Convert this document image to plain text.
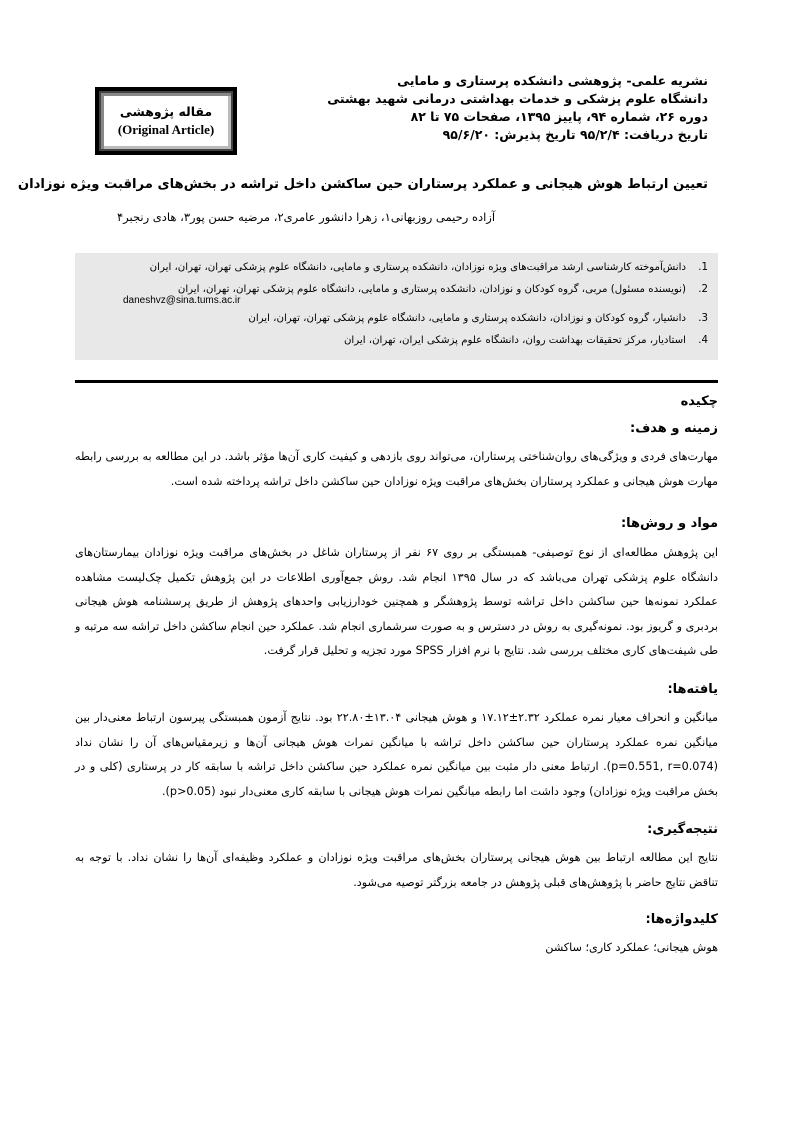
نشریه علمی- پژوهشی دانشکده پرستاری و مامایی
دانشگاه علوم پزشکی و خدمات بهداشتی درمانی شهید بهشتی
دوره ۲۶، شماره ۹۴، پاییز ۱۳۹۵، صفحات ۷۵ تا ۸۲
تاریخ دریافت: ۹۵/۲/۴ تاریخ پذیرش: ۹۵/۶/۲۰
مقاله پژوهشی
(Original Article)
تعیین ارتباط هوش هیجانی و عملکرد پرستاران حین ساکشن داخل تراشه در بخش‌های مراقبت ویژه نوزادان
آزاده رحیمی روزبهانی۱، زهرا دانشور عامری۲، مرضیه حسن پور۳، هادی رنجبر۴
1.
دانش‌آموخته کارشناسی ارشد مراقبت‌های ویژه نوزادان، دانشکده پرستاری و مامایی، دانشگاه علوم پزشکی تهران، تهران، ایران
2.
(نویسنده مسئول) مربی، گروه کودکان و نوزادان، دانشکده پرستاری و مامایی، دانشگاه علوم پزشکی تهران، تهران، ایران
daneshvz@sina.tums.ac.ir
3.
دانشیار، گروه کودکان و نوزادان، دانشکده پرستاری و مامایی، دانشگاه علوم پزشکی تهران، تهران، ایران
4.
استادیار، مرکز تحقیقات بهداشت روان، دانشگاه علوم پزشکی ایران، تهران، ایران
چکیده
زمینه و هدف:

مهارت‌های فردی و ویژگی‌های روان‌شناختی پرستاران، می‌تواند روی بازدهی و کیفیت کاری آن‌ها مؤثر باشد. در این مطالعه به بررسی رابطه مهارت هوش هیجانی و عملکرد پرستاران بخش‌های مراقبت ویژه نوزادان حین ساکشن داخل تراشه پرداخته شده است.

مواد و روش‌ها:

این پژوهش مطالعه‌ای از نوع توصیفی- همبستگی بر روی ۶۷ نفر از پرستاران شاغل در بخش‌های مراقبت ویژه نوزادان بیمارستان‌های دانشگاه علوم پزشکی تهران می‌باشد که در سال ۱۳۹۵ انجام شد. روش جمع‌آوری اطلاعات در این پژوهش تکمیل چک‌لیست مشاهده عملکرد نمونه‌ها حین ساکشن داخل تراشه توسط پژوهشگر و همچنین خودارزیابی واحدهای پژوهش از طریق پرسشنامه هوش هیجانی بردبری و گریوز بود. نمونه‌گیری به روش در دسترس و به صورت سرشماری انجام شد. عملکرد حین انجام ساکشن داخل تراشه سه مرتبه و طی شیفت‌های کاری مختلف بررسی شد. نتایج با نرم افزار SPSS مورد تجزیه و تحلیل قرار گرفت.

یافته‌ها:

میانگین و انحراف معیار نمره عملکرد ۲.۳۲±۱۷.۱۲ و هوش هیجانی ۱۳.۰۴±۲۲.۸۰ بود. نتایج آزمون همبستگی پیرسون ارتباط معنی‌دار بین میانگین نمره عملکرد پرستاران حین ساکشن داخل تراشه با میانگین نمرات هوش هیجانی آن‌ها و زیرمقیاس‌های آن را نشان نداد (p=0.551, r=0.074). ارتباط معنی دار مثبت بین میانگین نمره عملکرد حین ساکشن داخل تراشه با سابقه کار در پرستاری (کلی و در بخش مراقبت ویژه نوزادان) وجود داشت اما رابطه میانگین نمرات هوش هیجانی با سابقه کاری معنی‌دار نبود (p>0.05).

نتیجه‌گیری:

نتایج این مطالعه ارتباط بین هوش هیجانی پرستاران بخش‌های مراقبت ویژه نوزادان و عملکرد وظیفه‌ای آن‌ها را نشان نداد. با توجه به تناقض نتایج حاضر با پژوهش‌های قبلی پژوهش در جامعه بزرگتر توصیه می‌شود.

کلیدواژه‌ها:

هوش هیجانی؛ عملکرد کاری؛ ساکشن
